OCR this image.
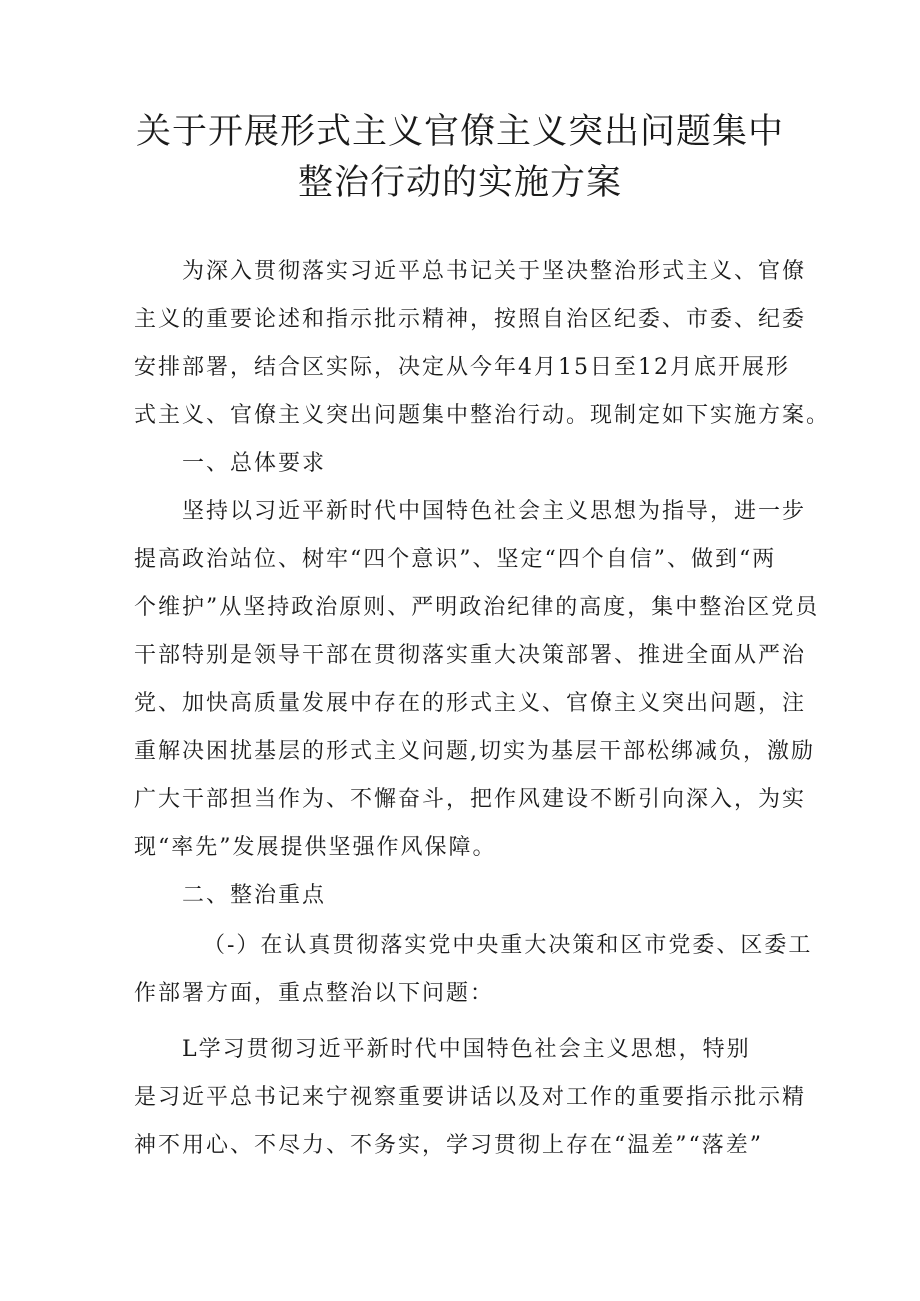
关于开展形式主义官僚主义突出问题集中
整治行动的实施方案
为深入贯彻落实习近平总书记关于坚决整治形式主义、官僚
主义的重要论述和指示批示精神，按照自治区纪委、市委、纪委
安排部署，结合区实际，决定从今年4月15日至12月底开展形
式主义、官僚主义突出问题集中整治行动。现制定如下实施方案。
一、总体要求
坚持以习近平新时代中国特色社会主义思想为指导，进一步
提高政治站位、树牢“四个意识”、坚定“四个自信”、做到“两
个维护”从坚持政治原则、严明政治纪律的高度，集中整治区党员
干部特别是领导干部在贯彻落实重大决策部署、推进全面从严治
党、加快高质量发展中存在的形式主义、官僚主义突出问题，注
重解决困扰基层的形式主义问题,切实为基层干部松绑减负，激励
广大干部担当作为、不懈奋斗，把作风建设不断引向深入，为实
现“率先”发展提供坚强作风保障。
二、整治重点
（-）在认真贯彻落实党中央重大决策和区市党委、区委工
作部署方面，重点整治以下问题：
L学习贯彻习近平新时代中国特色社会主义思想，特别
是习近平总书记来宁视察重要讲话以及对工作的重要指示批示精
神不用心、不尽力、不务实，学习贯彻上存在“温差”“落差”
